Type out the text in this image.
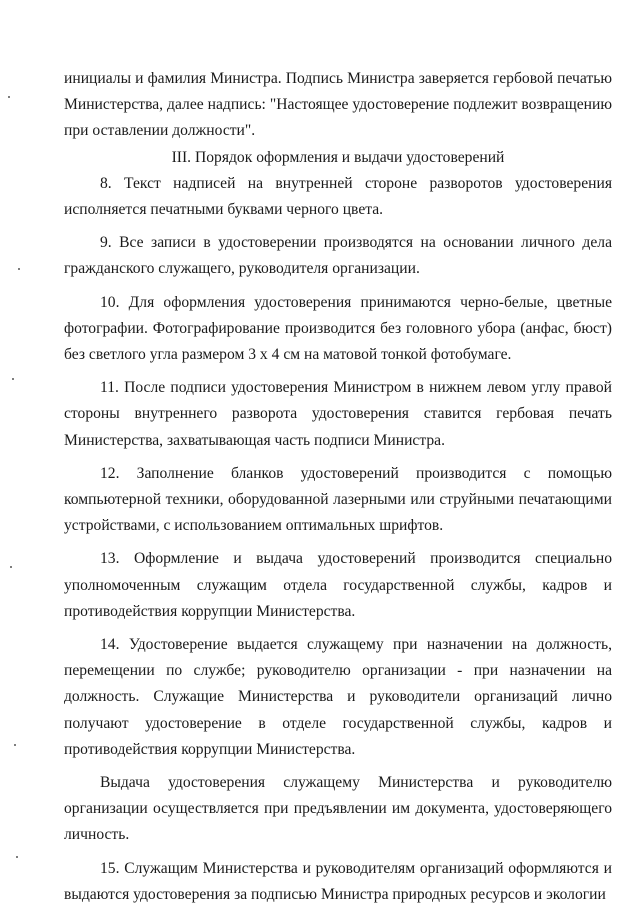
инициалы и фамилия Министра. Подпись Министра заверяется гербовой печатью Министерства, далее надпись: "Настоящее удостоверение подлежит возвращению при оставлении должности".

III. Порядок оформления и выдачи удостоверений

8. Текст надписей на внутренней стороне разворотов удостоверения исполняется печатными буквами черного цвета.

9. Все записи в удостоверении производятся на основании личного дела гражданского служащего, руководителя организации.

10. Для оформления удостоверения принимаются черно-белые, цветные фотографии. Фотографирование производится без головного убора (анфас, бюст) без светлого угла размером 3 х 4 см на матовой тонкой фотобумаге.

11. После подписи удостоверения Министром в нижнем левом углу правой стороны внутреннего разворота удостоверения ставится гербовая печать Министерства, захватывающая часть подписи Министра.

12. Заполнение бланков удостоверений производится с помощью компьютерной техники, оборудованной лазерными или струйными печатающими устройствами, с использованием оптимальных шрифтов.

13. Оформление и выдача удостоверений производится специально уполномоченным служащим отдела государственной службы, кадров и противодействия коррупции Министерства.

14. Удостоверение выдается служащему при назначении на должность, перемещении по службе; руководителю организации - при назначении на должность. Служащие Министерства и руководители организаций лично получают удостоверение в отделе государственной службы, кадров и противодействия коррупции Министерства.

Выдача удостоверения служащему Министерства и руководителю организации осуществляется при предъявлении им документа, удостоверяющего личность.

15. Служащим Министерства и руководителям организаций оформляются и выдаются удостоверения за подписью Министра природных ресурсов и экологии
